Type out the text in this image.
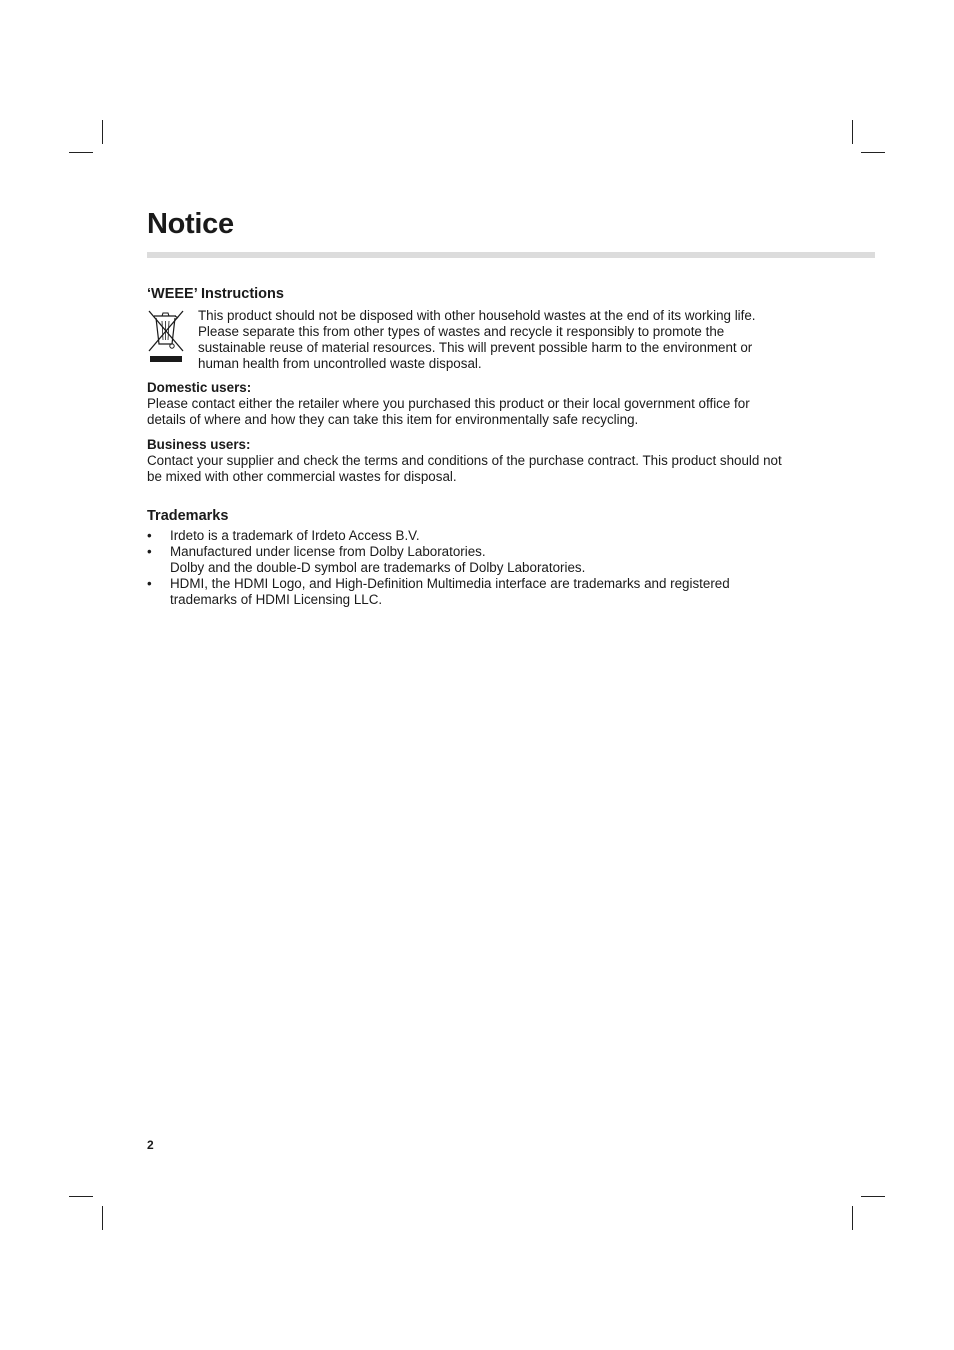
Notice
‘WEEE’ Instructions

This product should not be disposed with other household wastes at the end of its working life. Please separate this from other types of wastes and recycle it responsibly to promote the sustainable reuse of material resources. This will prevent possible harm to the environment or human health from uncontrolled waste disposal.

Domestic users:

Please contact either the retailer where you purchased this product or their local government office for details of where and how they can take this item for environmentally safe recycling.

Business users:

Contact your supplier and check the terms and conditions of the purchase contract. This product should not be mixed with other commercial wastes for disposal.

Trademarks
• Irdeto is a trademark of Irdeto Access B.V.
• Manufactured under license from Dolby Laboratories.
Dolby and the double-D symbol are trademarks of Dolby Laboratories.
• HDMI, the HDMI Logo, and High-Definition Multimedia interface are trademarks and registered trademarks of HDMI Licensing LLC.
2
